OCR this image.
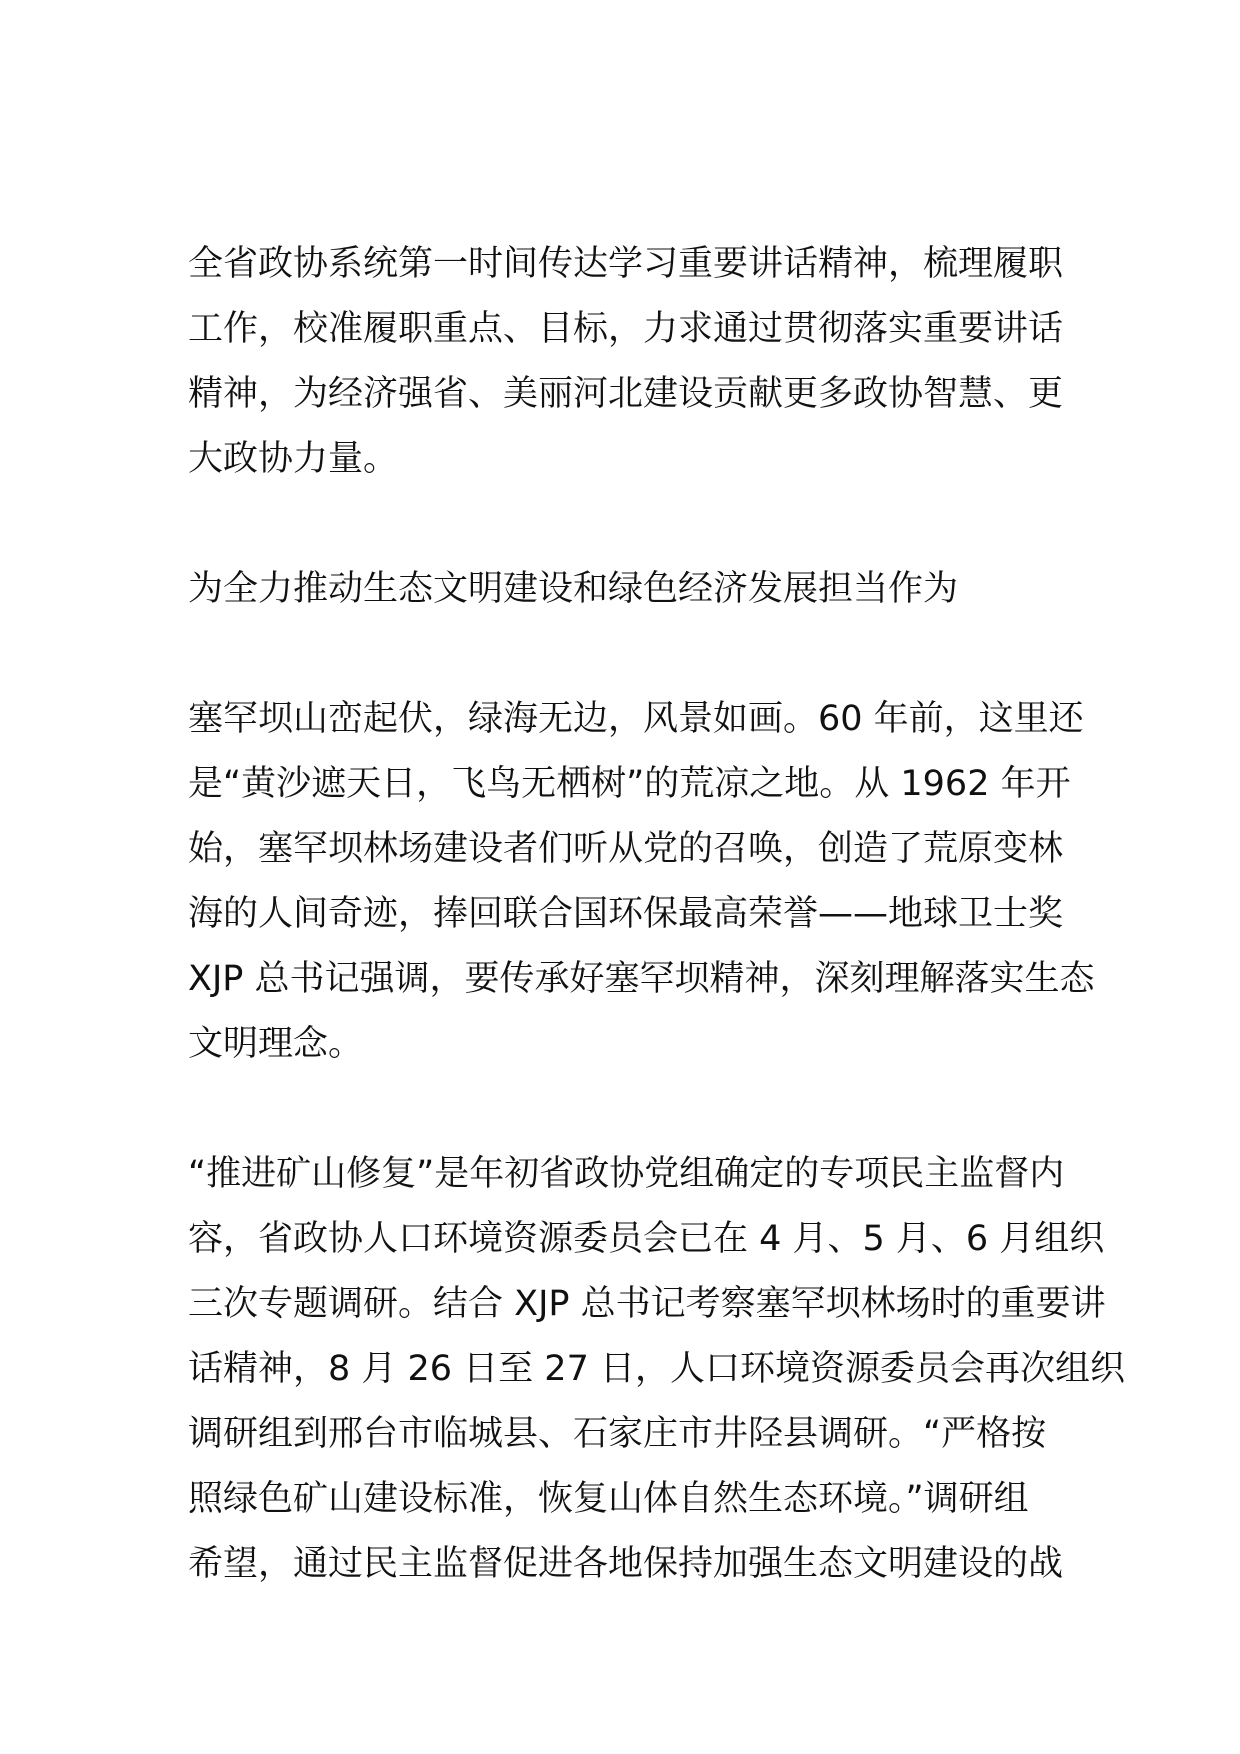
全省政协系统第一时间传达学习重要讲话精神，梳理履职
工作，校准履职重点、目标，力求通过贯彻落实重要讲话
精神，为经济强省、美丽河北建设贡献更多政协智慧、更
大政协力量。

为全力推动生态文明建设和绿色经济发展担当作为

塞罕坝山峦起伏，绿海无边，风景如画。60 年前，这里还
是“黄沙遮天日，飞鸟无栖树”的荒凉之地。从 1962 年开
始，塞罕坝林场建设者们听从党的召唤，创造了荒原变林
海的人间奇迹，捧回联合国环保最高荣誉——地球卫士奖
XJP 总书记强调，要传承好塞罕坝精神，深刻理解落实生态
文明理念。

“推进矿山修复”是年初省政协党组确定的专项民主监督内
容，省政协人口环境资源委员会已在 4 月、5 月、6 月组织
三次专题调研。结合 XJP 总书记考察塞罕坝林场时的重要讲
话精神，8 月 26 日至 27 日，人口环境资源委员会再次组织
调研组到邢台市临城县、石家庄市井陉县调研。“严格按
照绿色矿山建设标准，恢复山体自然生态环境。”调研组
希望，通过民主监督促进各地保持加强生态文明建设的战
